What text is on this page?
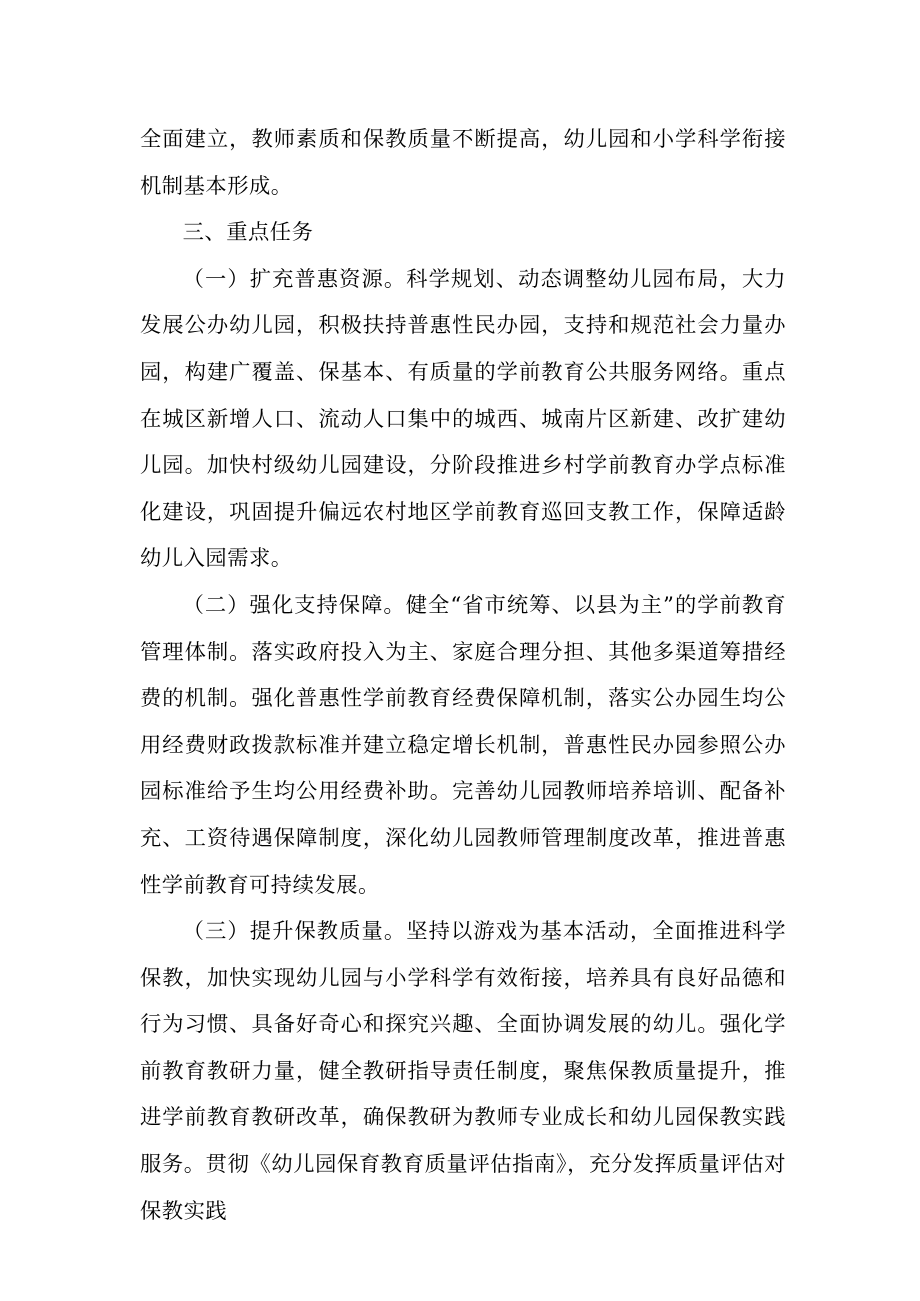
全面建立，教师素质和保教质量不断提高，幼儿园和小学科学衔接机制基本形成。

三、重点任务

（一）扩充普惠资源。科学规划、动态调整幼儿园布局，大力发展公办幼儿园，积极扶持普惠性民办园，支持和规范社会力量办园，构建广覆盖、保基本、有质量的学前教育公共服务网络。重点在城区新增人口、流动人口集中的城西、城南片区新建、改扩建幼儿园。加快村级幼儿园建设，分阶段推进乡村学前教育办学点标准化建设，巩固提升偏远农村地区学前教育巡回支教工作，保障适龄幼儿入园需求。

（二）强化支持保障。健全“省市统筹、以县为主”的学前教育管理体制。落实政府投入为主、家庭合理分担、其他多渠道筹措经费的机制。强化普惠性学前教育经费保障机制，落实公办园生均公用经费财政拨款标准并建立稳定增长机制，普惠性民办园参照公办园标准给予生均公用经费补助。完善幼儿园教师培养培训、配备补充、工资待遇保障制度，深化幼儿园教师管理制度改革，推进普惠性学前教育可持续发展。

（三）提升保教质量。坚持以游戏为基本活动，全面推进科学保教，加快实现幼儿园与小学科学有效衔接，培养具有良好品德和行为习惯、具备好奇心和探究兴趣、全面协调发展的幼儿。强化学前教育教研力量，健全教研指导责任制度，聚焦保教质量提升，推进学前教育教研改革，确保教研为教师专业成长和幼儿园保教实践服务。贯彻《幼儿园保育教育质量评估指南》，充分发挥质量评估对保教实践
